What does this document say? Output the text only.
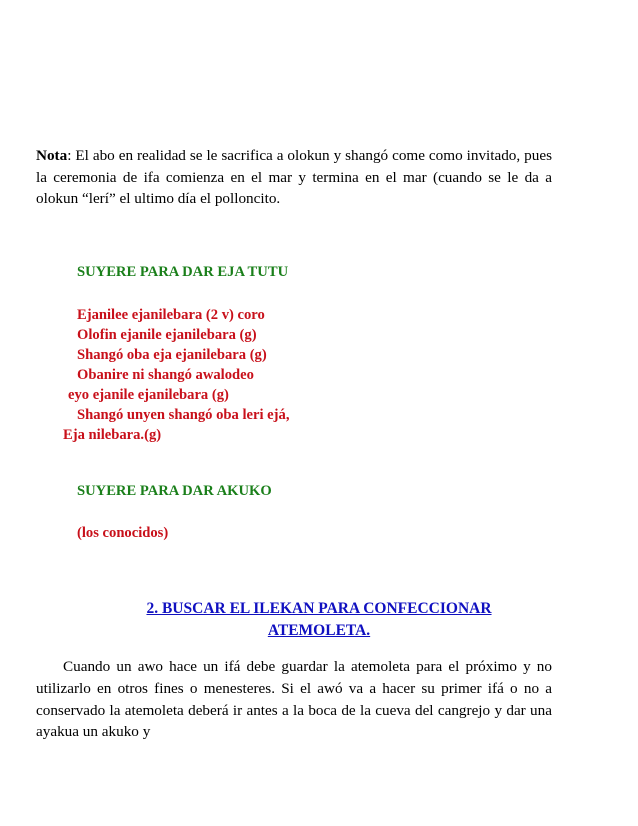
Nota: El abo en realidad se le sacrifica a olokun y shangó come como invitado, pues la ceremonia de ifa comienza en el mar y termina en el mar (cuando se le da a olokun “lerí” el ultimo día el polloncito.

SUYERE PARA DAR EJA TUTU
Ejanilee ejanilebara (2 v) coro
Olofin ejanile ejanilebara (g)
Shangó oba eja ejanilebara (g)
Obanire ni shangó awalodeo
eyo ejanile ejanilebara (g)
Shangó unyen shangó oba leri ejá,
Eja nilebara.(g)
SUYERE PARA DAR AKUKO
(los conocidos)
2. BUSCAR EL ILEKAN PARA CONFECCIONAR
ATEMOLETA.

Cuando un awo hace un ifá debe guardar la atemoleta para el próximo y no utilizarlo en otros fines o menesteres. Si el awó va a hacer su primer ifá o no a conservado la atemoleta deberá ir antes a la boca de la cueva del cangrejo y dar una ayakua un akuko y
